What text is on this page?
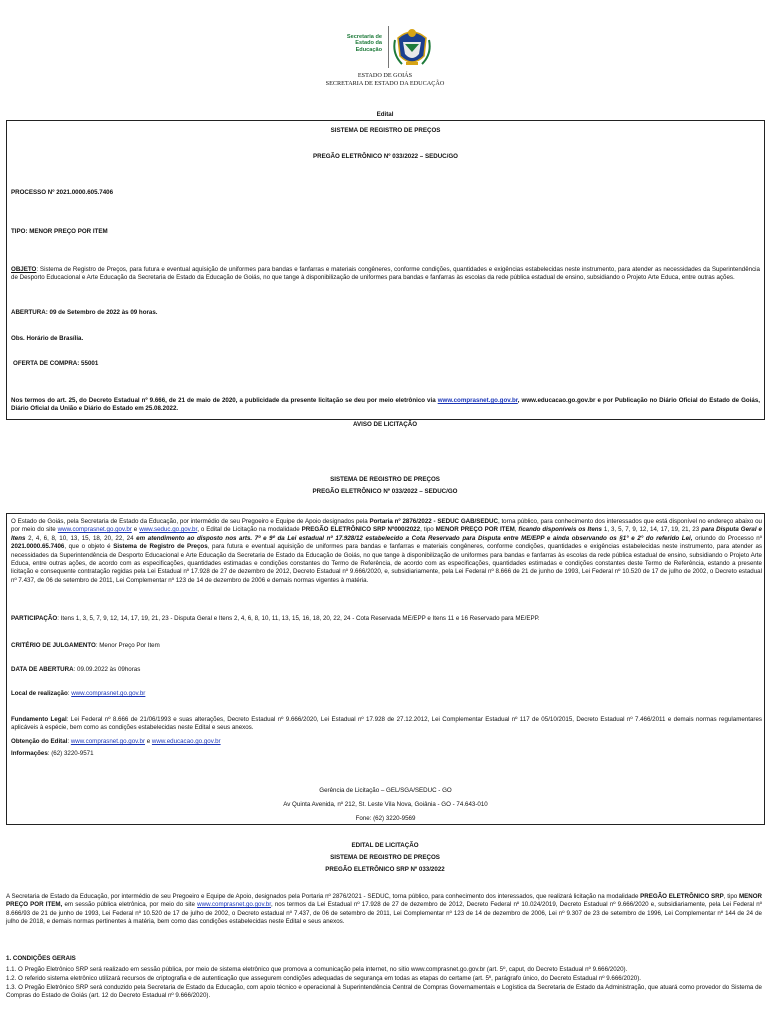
Secretaria de
Estado da
Educação
ESTADO DE GOIÁS
SECRETARIA DE ESTADO DA EDUCAÇÃO
Edital
SISTEMA DE REGISTRO DE PREÇOS
PREGÃO ELETRÔNICO Nº 033/2022 – SEDUC/GO
PROCESSO Nº 2021.0000.605.7406
TIPO: MENOR PREÇO POR ITEM
OBJETO: Sistema de Registro de Preços, para futura e eventual aquisição de uniformes para bandas e fanfarras e materiais congêneres, conforme condições, quantidades e exigências estabelecidas neste instrumento, para atender as necessidades da Superintendência de Desporto Educacional e Arte Educação da Secretaria de Estado da Educação de Goiás, no que tange à disponibilização de uniformes para bandas e fanfarras às escolas da rede pública estadual de ensino, subsidiando o Projeto Arte Educa, entre outras ações.
ABERTURA: 09 de Setembro de 2022 às 09 horas.
Obs. Horário de Brasília.
OFERTA DE COMPRA: 55001
Nos termos do art. 25, do Decreto Estadual nº 9.666, de 21 de maio de 2020, a publicidade da presente licitação se deu por meio eletrônico via www.comprasnet.go.gov.br, www.educacao.go.gov.br e por Publicação no Diário Oficial do Estado de Goiás, Diário Oficial da União e Diário do Estado em 25.08.2022.
AVISO DE LICITAÇÃO
SISTEMA DE REGISTRO DE PREÇOS
PREGÃO ELETRÔNICO Nº 033/2022 – SEDUC/GO
O Estado de Goiás, pela Secretaria de Estado da Educação, por intermédio de seu Pregoeiro e Equipe de Apoio designados pela Portaria nº 2876/2022 - SEDUC GAB/SEDUC, torna público, para conhecimento dos interessados que está disponível no endereço abaixo ou por meio do site www.comprasnet.go.gov.br e www.seduc.go.gov.br, o Edital de Licitação na modalidade PREGÃO ELETRÔNICO SRP Nº000/2022, tipo MENOR PREÇO POR ITEM, ficando disponíveis os Itens 1, 3, 5, 7, 9, 12, 14, 17, 19, 21, 23 para Disputa Geral e Itens 2, 4, 6, 8, 10, 13, 15, 18, 20, 22, 24 em atendimento ao disposto nos arts. 7º e 9º da Lei estadual nº 17.928/12 estabelecido a Cota Reservado para Disputa entre ME/EPP e ainda observando os §1° e 2° do referido Lei, oriundo do Processo nº 2021.0000.65.7406, que o objeto é Sistema de Registro de Preços, para futura e eventual aquisição de uniformes para bandas e fanfarras e materiais congêneres, conforme condições, quantidades e exigências estabelecidas neste instrumento, para atender as necessidades da Superintendência de Desporto Educacional e Arte Educação da Secretaria de Estado da Educação de Goiás, no que tange à disponibilização de uniformes para bandas e fanfarras às escolas da rede pública estadual de ensino, subsidiando o Projeto Arte Educa, entre outras ações, de acordo com as especificações, quantidades estimadas e condições constantes do Termo de Referência, de acordo com as especificações, quantidades estimadas e condições constantes deste Termo de Referência, estando a presente licitação e consequente contratação regidas pela Lei Estadual nº 17.928 de 27 de dezembro de 2012, Decreto Estadual nº 9.666/2020, e, subsidiariamente, pela Lei Federal nº 8.666 de 21 de junho de 1993, Lei Federal nº 10.520 de 17 de julho de 2002, o Decreto estadual nº 7.437, de 06 de setembro de 2011, Lei Complementar nº 123 de 14 de dezembro de 2006 e demais normas vigentes à matéria.
PARTICIPAÇÃO: Itens 1, 3, 5, 7, 9, 12, 14, 17, 19, 21, 23 - Disputa Geral e Itens 2, 4, 6, 8, 10, 11, 13, 15, 16, 18, 20, 22, 24 - Cota Reservada ME/EPP e Itens 11 e 16 Reservado para ME/EPP.
CRITÉRIO DE JULGAMENTO: Menor Preço Por Item
DATA DE ABERTURA: 09.09.2022 às 09horas
Local de realização: www.comprasnet.go.gov.br
Fundamento Legal: Lei Federal nº 8.666 de 21/06/1993 e suas alterações, Decreto Estadual nº 9.666/2020, Lei Estadual nº 17.928 de 27.12.2012, Lei Complementar Estadual nº 117 de 05/10/2015, Decreto Estadual nº 7.466/2011 e demais normas regulamentares aplicáveis à espécie, bem como as condições estabelecidas neste Edital e seus anexos.
Obtenção do Edital: www.comprasnet.go.gov.br e www.educacao.go.gov.br
Informações: (62) 3220-9571
Gerência de Licitação – GEL/SGA/SEDUC - GO
Av Quinta Avenida, nº 212, St. Leste Vila Nova, Goiânia - GO - 74.643-010
Fone: (62) 3220-9569
EDITAL DE LICITAÇÃO
SISTEMA DE REGISTRO DE PREÇOS
PREGÃO ELETRÔNICO SRP Nº 033/2022
A Secretaria de Estado da Educação, por intermédio de seu Pregoeiro e Equipe de Apoio, designados pela Portaria nº 2876/2021 - SEDUC, torna público, para conhecimento dos interessados, que realizará licitação na modalidade PREGÃO ELETRÔNICO SRP, tipo MENOR PREÇO POR ITEM, em sessão pública eletrônica, por meio do site www.comprasnet.go.gov.br, nos termos da Lei Estadual nº 17.928 de 27 de dezembro de 2012, Decreto Federal nº 10.024/2019, Decreto Estadual nº 9.666/2020 e, subsidiariamente, pela Lei Federal nº 8.666/93 de 21 de junho de 1993, Lei Federal nº 10.520 de 17 de julho de 2002, o Decreto estadual nº 7.437, de 06 de setembro de 2011, Lei Complementar nº 123 de 14 de dezembro de 2006, Lei nº 9.307 de 23 de setembro de 1996, Lei Complementar nº 144 de 24 de julho de 2018, e demais normas pertinentes à matéria, bem como das condições estabelecidas neste Edital e seus anexos.
1. CONDIÇÕES GERAIS
1.1. O Pregão Eletrônico SRP será realizado em sessão pública, por meio de sistema eletrônico que promova a comunicação pela internet, no sitio www.comprasnet.go.gov.br (art. 5º, caput, do Decreto Estadual nº 9.666/2020).
1.2. O referido sistema eletrônico utilizará recursos de criptografia e de autenticação que assegurem condições adequadas de segurança em todas as etapas do certame (art. 5º, parágrafo único, do Decreto Estadual nº 9.666/2020).
1.3. O Pregão Eletrônico SRP será conduzido pela Secretaria de Estado da Educação, com apoio técnico e operacional à Superintendência Central de Compras Governamentais e Logística da Secretaria de Estado da Administração, que atuará como provedor do Sistema de Compras do Estado de Goiás (art. 12 do Decreto Estadual nº 9.666/2020).
